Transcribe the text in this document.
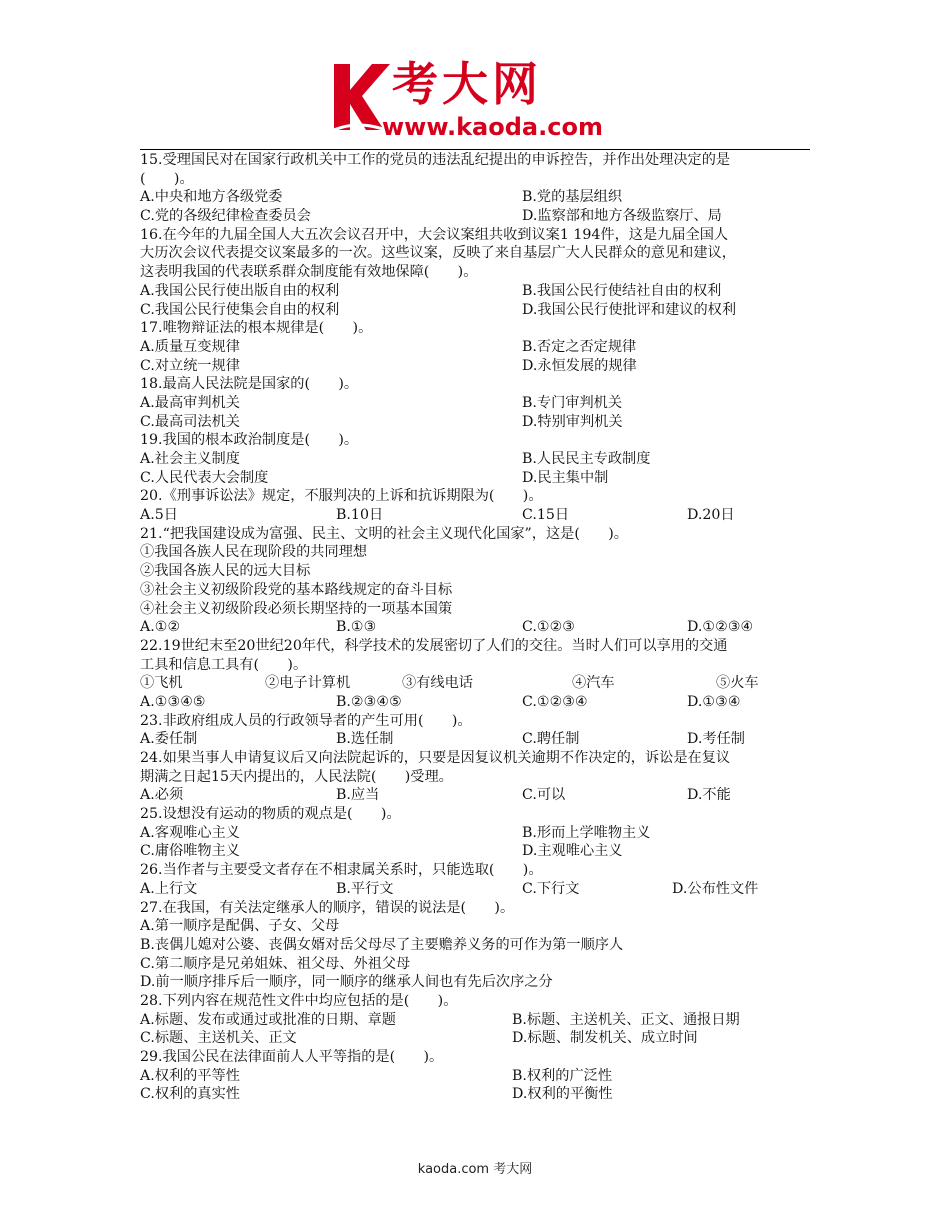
考大网
www.kaoda.com
15.受理国民对在国家行政机关中工作的党员的违法乱纪提出的申诉控告，并作出处理决定的是
(　　)。
A.中央和地方各级党委	B.党的基层组织
C.党的各级纪律检查委员会	D.监察部和地方各级监察厅、局
16.在今年的九届全国人大五次会议召开中，大会议案组共收到议案1 194件，这是九届全国人
大历次会议代表提交议案最多的一次。这些议案，反映了来自基层广大人民群众的意见和建议，
这表明我国的代表联系群众制度能有效地保障(　　)。
A.我国公民行使出版自由的权利	B.我国公民行使结社自由的权利
C.我国公民行使集会自由的权利	D.我国公民行使批评和建议的权利
17.唯物辩证法的根本规律是(　　)。
A.质量互变规律	B.否定之否定规律
C.对立统一规律	D.永恒发展的规律
18.最高人民法院是国家的(　　)。
A.最高审判机关	B.专门审判机关
C.最高司法机关	D.特别审判机关
19.我国的根本政治制度是(　　)。
A.社会主义制度	B.人民民主专政制度
C.人民代表大会制度	D.民主集中制
20.《刑事诉讼法》规定，不服判决的上诉和抗诉期限为(　　)。
A.5日	B.10日	C.15日	D.20日
21.“把我国建设成为富强、民主、文明的社会主义现代化国家”，这是(　　)。
①我国各族人民在现阶段的共同理想
②我国各族人民的远大目标
③社会主义初级阶段党的基本路线规定的奋斗目标
④社会主义初级阶段必须长期坚持的一项基本国策
A.①②	B.①③	C.①②③	D.①②③④
22.19世纪末至20世纪20年代，科学技术的发展密切了人们的交往。当时人们可以享用的交通
工具和信息工具有(　　)。
①飞机	②电子计算机	③有线电话	④汽车	⑤火车
A.①③④⑤	B.②③④⑤	C.①②③④	D.①③④
23.非政府组成人员的行政领导者的产生可用(　　)。
A.委任制	B.选任制	C.聘任制	D.考任制
24.如果当事人申请复议后又向法院起诉的，只要是因复议机关逾期不作决定的，诉讼是在复议
期满之日起15天内提出的，人民法院(　　)受理。
A.必须	B.应当	C.可以	D.不能
25.设想没有运动的物质的观点是(　　)。
A.客观唯心主义	B.形而上学唯物主义
C.庸俗唯物主义	D.主观唯心主义
26.当作者与主要受文者存在不相隶属关系时，只能选取(　　)。
A.上行文	B.平行文	C.下行文	D.公布性文件
27.在我国，有关法定继承人的顺序，错误的说法是(　　)。
A.第一顺序是配偶、子女、父母
B.丧偶儿媳对公婆、丧偶女婿对岳父母尽了主要赡养义务的可作为第一顺序人
C.第二顺序是兄弟姐妹、祖父母、外祖父母
D.前一顺序排斥后一顺序，同一顺序的继承人间也有先后次序之分
28.下列内容在规范性文件中均应包括的是(　　)。
A.标题、发布或通过或批准的日期、章题	B.标题、主送机关、正文、通报日期
C.标题、主送机关、正文	D.标题、制发机关、成立时间
29.我国公民在法律面前人人平等指的是(　　)。
A.权利的平等性	B.权利的广泛性
C.权利的真实性	D.权利的平衡性
kaoda.com 考大网
